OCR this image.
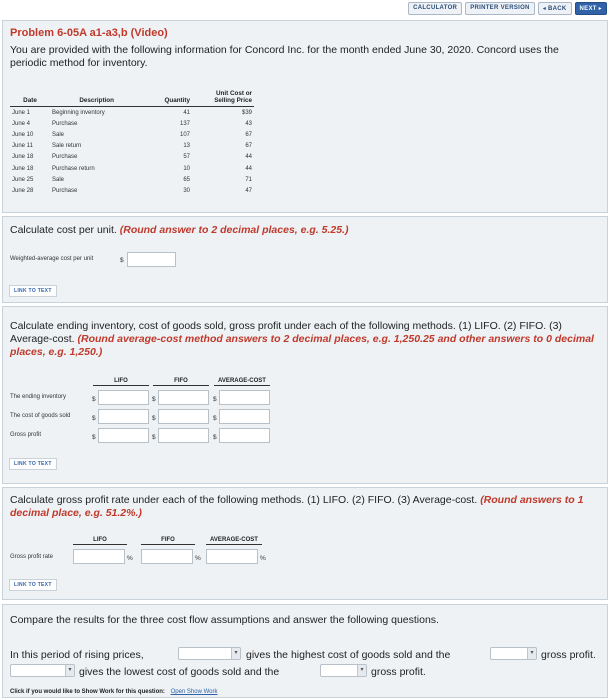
CALCULATOR	PRINTER VERSION	◂ BACK	NEXT ▸
Problem 6-05A a1-a3,b (Video)
You are provided with the following information for Concord Inc. for the month ended June 30, 2020. Concord uses the periodic method for inventory.
Date	Description	Quantity	Unit Cost or Selling Price
June 1	Beginning inventory	41	$39
June 4	Purchase	137	43
June 10	Sale	107	67
June 11	Sale return	13	67
June 18	Purchase	57	44
June 18	Purchase return	10	44
June 25	Sale	65	71
June 28	Purchase	30	47
Calculate cost per unit. (Round answer to 2 decimal places, e.g. 5.25.)
Weighted-average cost per unit	$
LINK TO TEXT
Calculate ending inventory, cost of goods sold, gross profit under each of the following methods. (1) LIFO. (2) FIFO. (3) Average-cost. (Round average-cost method answers to 2 decimal places, e.g. 1,250.25 and other answers to 0 decimal places, e.g. 1,250.)
LIFO	FIFO	AVERAGE-COST
The ending inventory	$	$	$
The cost of goods sold	$	$	$
Gross profit	$	$	$
LINK TO TEXT
Calculate gross profit rate under each of the following methods. (1) LIFO. (2) FIFO. (3) Average-cost. (Round answers to 1 decimal place, e.g. 51.2%.)
LIFO	FIFO	AVERAGE-COST
Gross profit rate	%	%	%
LINK TO TEXT
Compare the results for the three cost flow assumptions and answer the following questions.
In this period of rising prices,	▾ gives the highest cost of goods sold and the	▾ gross profit.
▾ gives the lowest cost of goods sold and the	▾ gross profit.
Click if you would like to Show Work for this question: Open Show Work
